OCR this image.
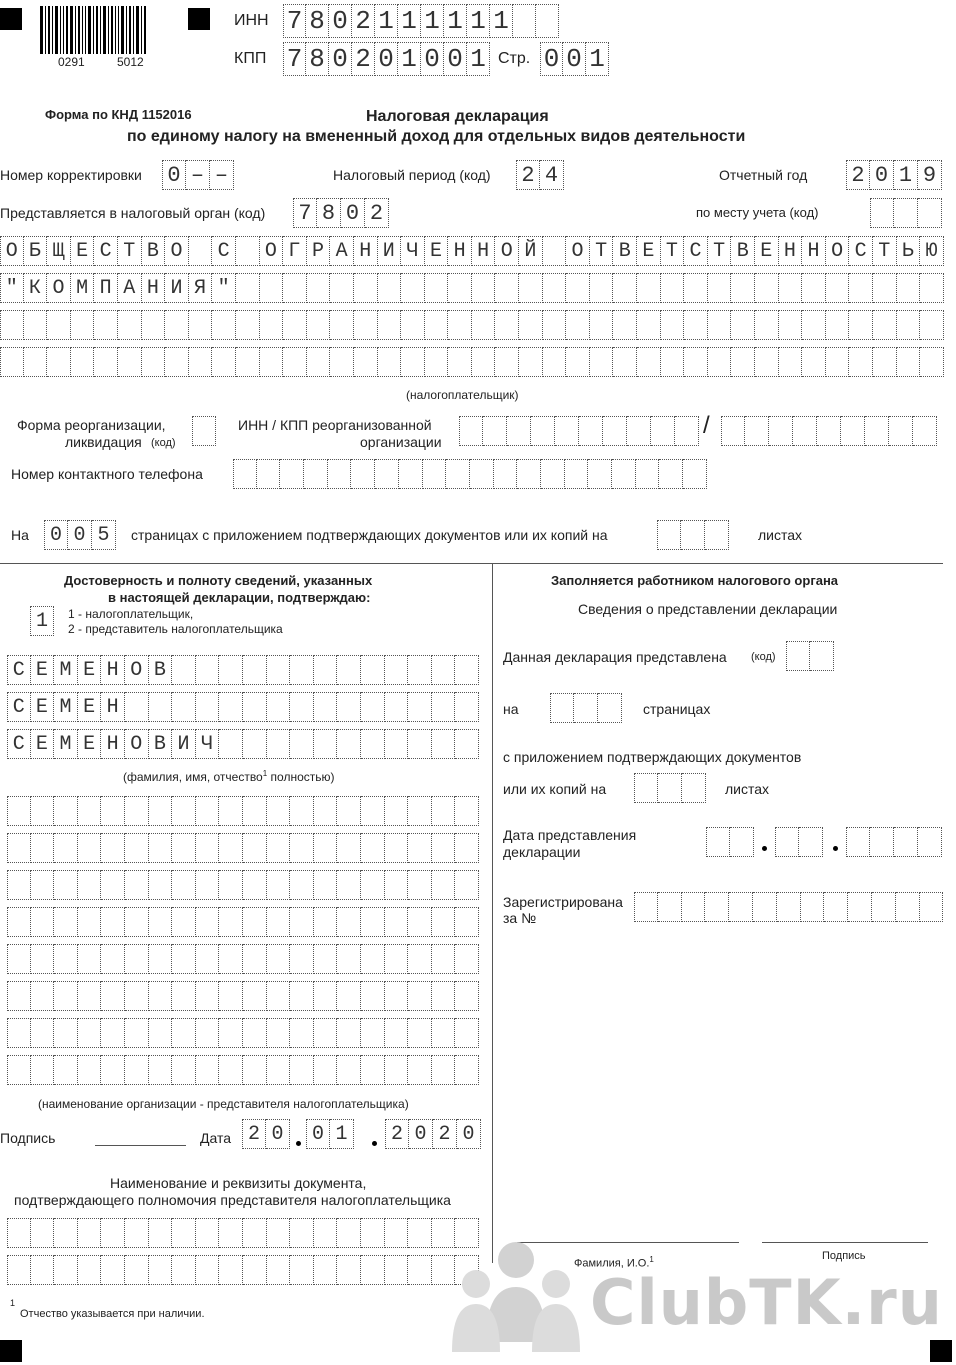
0291	5012
ИНН 7 8 0 2 1 1 1 1 1 1
КПП 7 8 0 2 0 1 0 0 1 Стр. 0 0 1
Форма по КНД 1152016	Налоговая декларация
по единому налогу на вмененный доход для отдельных видов деятельности
Номер корректировки 0 – –	Налоговый период (код) 2 4	Отчетный год 2 0 1 9
Представляется в налоговый орган (код) 7 8 0 2	по месту учета (код)
О Б Щ Е С Т В О
	С
	О Г Р А Н И Ч Е Н Н О Й
	О Т В Е Т С Т В Е Н Н О С Т Ь Ю
" К О М П А Н И Я "
(налогоплательщик)
Форма реорганизации,
ликвидация (код)
ИНН / КПП реорганизованной
организации
/
Номер контактного телефона
На 0 0 5	страницах с приложением подтверждающих документов или их копий на	листах
Достоверность и полноту сведений, указанных
в настоящей декларации, подтверждаю:
1	1 - налогоплательщик,
2 - представитель налогоплательщика
С Е М Е Н О В
С Е М Е Н
С Е М Е Н О В И Ч
(фамилия, имя, отчество$^1$ полностью)
(наименование организации - представителя налогоплательщика)
Подпись	Дата 2 0	0 1	2 0 2 0
Наименование и реквизиты документа,
подтверждающего полномочия представителя налогоплательщика
1
Отчество указывается при наличии.
Заполняется работником налогового органа
Сведения о представлении декларации
Данная декларация представлена (код)
на	страницах
с приложением подтверждающих документов
или их копий на	листах
Дата представления
декларации
Зарегистрирована
за №
Фамилия, И.О.$^1$	Подпись
ClubTK.ru
